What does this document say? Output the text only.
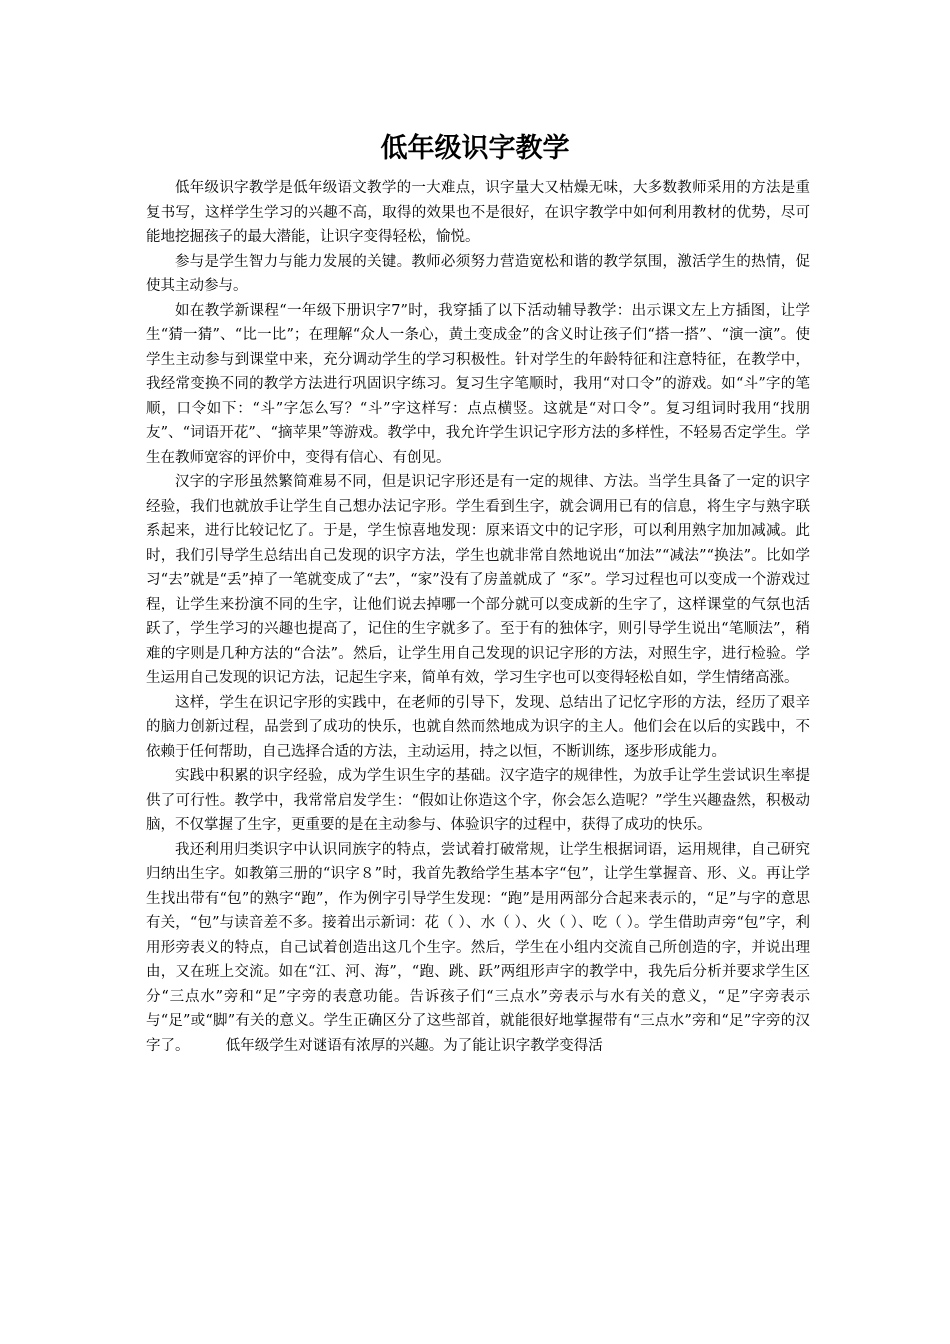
低年级识字教学

低年级识字教学是低年级语文教学的一大难点，识字量大又枯燥无味，大多数教师采用的方法是重复书写，这样学生学习的兴趣不高，取得的效果也不是很好，在识字教学中如何利用教材的优势，尽可能地挖掘孩子的最大潜能，让识字变得轻松，愉悦。

参与是学生智力与能力发展的关键。教师必须努力营造宽松和谐的教学氛围，激活学生的热情，促使其主动参与。

如在教学新课程“一年级下册识字7”时，我穿插了以下活动辅导教学：出示课文左上方插图，让学生“猜一猜”、“比一比”；在理解“众人一条心，黄土变成金”的含义时让孩子们“搭一搭”、“演一演”。使学生主动参与到课堂中来，充分调动学生的学习积极性。针对学生的年龄特征和注意特征，在教学中，我经常变换不同的教学方法进行巩固识字练习。复习生字笔顺时，我用“对口令”的游戏。如“斗”字的笔顺，口令如下：“斗”字怎么写？“斗”字这样写：点点横竖。这就是“对口令”。复习组词时我用“找朋友”、“词语开花”、“摘苹果”等游戏。教学中，我允许学生识记字形方法的多样性，不轻易否定学生。学生在教师宽容的评价中，变得有信心、有创见。

汉字的字形虽然繁简难易不同，但是识记字形还是有一定的规律、方法。当学生具备了一定的识字经验，我们也就放手让学生自己想办法记字形。学生看到生字，就会调用已有的信息，将生字与熟字联系起来，进行比较记忆了。于是，学生惊喜地发现：原来语文中的记字形，可以利用熟字加加减减。此时，我们引导学生总结出自己发现的识字方法，学生也就非常自然地说出“加法”“减法”“换法”。比如学习“去”就是“丢”掉了一笔就变成了“去”，“家”没有了房盖就成了 “豕”。学习过程也可以变成一个游戏过程，让学生来扮演不同的生字，让他们说去掉哪一个部分就可以变成新的生字了，这样课堂的气氛也活跃了，学生学习的兴趣也提高了，记住的生字就多了。至于有的独体字，则引导学生说出“笔顺法”，稍难的字则是几种方法的“合法”。然后，让学生用自己发现的识记字形的方法，对照生字，进行检验。学生运用自己发现的识记方法，记起生字来，简单有效，学习生字也可以变得轻松自如，学生情绪高涨。

这样，学生在识记字形的实践中，在老师的引导下，发现、总结出了记忆字形的方法，经历了艰辛的脑力创新过程，品尝到了成功的快乐，也就自然而然地成为识字的主人。他们会在以后的实践中，不依赖于任何帮助，自己选择合适的方法，主动运用，持之以恒，不断训练，逐步形成能力。

实践中积累的识字经验，成为学生识生字的基础。汉字造字的规律性，为放手让学生尝试识生率提供了可行性。教学中，我常常启发学生：“假如让你造这个字，你会怎么造呢？”学生兴趣盎然，积极动脑，不仅掌握了生字，更重要的是在主动参与、体验识字的过程中，获得了成功的快乐。

我还利用归类识字中认识同族字的特点，尝试着打破常规，让学生根据词语，运用规律，自己研究归纳出生字。如教第三册的“识字８”时，我首先教给学生基本字“包”，让学生掌握音、形、义。再让学生找出带有“包”的熟字“跑”，作为例字引导学生发现：“跑”是用两部分合起来表示的，“足”与字的意思有关，“包”与读音差不多。接着出示新词：花（ ）、水（ ）、火（ ）、吃（ ）。学生借助声旁“包”字，利用形旁表义的特点，自己试着创造出这几个生字。然后，学生在小组内交流自己所创造的字，并说出理由，又在班上交流。如在“江、河、海”，“跑、跳、跃”两组形声字的教学中，我先后分析并要求学生区分“三点水”旁和“足”字旁的表意功能。告诉孩子们“三点水”旁表示与水有关的意义，“足”字旁表示与“足”或“脚”有关的意义。学生正确区分了这些部首，就能很好地掌握带有“三点水”旁和“足”字旁的汉字了。　　　低年级学生对谜语有浓厚的兴趣。为了能让识字教学变得活
